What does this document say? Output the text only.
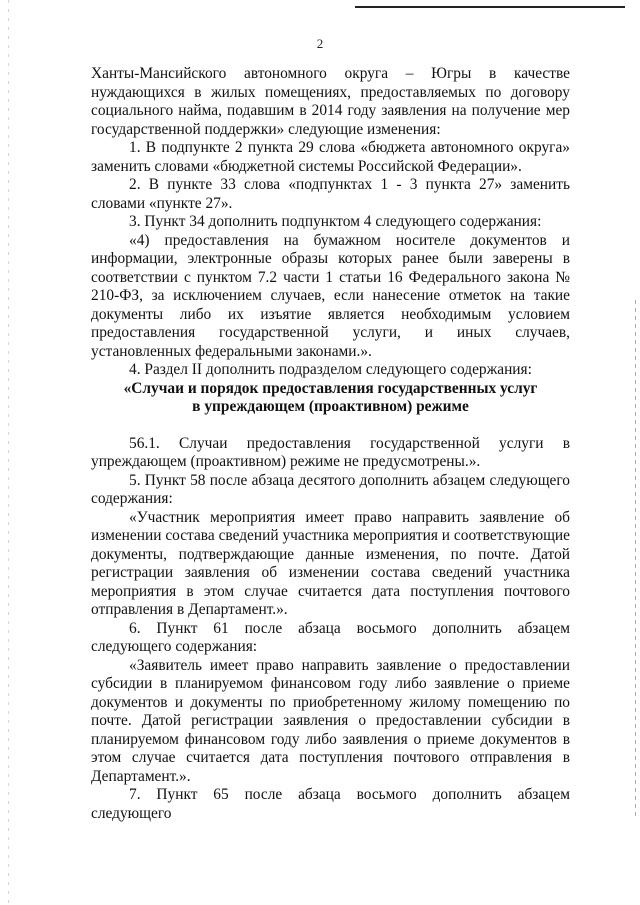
2

Ханты-Мансийского автономного округа – Югры в качестве нуждающихся в жилых помещениях, предоставляемых по договору социального найма, подавшим в 2014 году заявления на получение мер государственной поддержки» следующие изменения:

1. В подпункте 2 пункта 29 слова «бюджета автономного округа» заменить словами «бюджетной системы Российской Федерации».

2. В пункте 33 слова «подпунктах 1 - 3 пункта 27» заменить словами «пункте 27».

3. Пункт 34 дополнить подпунктом 4 следующего содержания:

«4) предоставления на бумажном носителе документов и информации, электронные образы которых ранее были заверены в соответствии с пунктом 7.2 части 1 статьи 16 Федерального закона № 210-ФЗ, за исключением случаев, если нанесение отметок на такие документы либо их изъятие является необходимым условием предоставления государственной услуги, и иных случаев, установленных федеральными законами.».

4. Раздел II дополнить подразделом следующего содержания:

«Случаи и порядок предоставления государственных услуг

в упреждающем (проактивном) режиме

56.1. Случаи предоставления государственной услуги в упреждающем (проактивном) режиме не предусмотрены.».

5. Пункт 58 после абзаца десятого дополнить абзацем следующего содержания:

«Участник мероприятия имеет право направить заявление об изменении состава сведений участника мероприятия и соответствующие документы, подтверждающие данные изменения, по почте. Датой регистрации заявления об изменении состава сведений участника мероприятия в этом случае считается дата поступления почтового отправления в Департамент.».

6. Пункт 61 после абзаца восьмого дополнить абзацем следующего содержания:

«Заявитель имеет право направить заявление о предоставлении субсидии в планируемом финансовом году либо заявление о приеме документов и документы по приобретенному жилому помещению по почте. Датой регистрации заявления о предоставлении субсидии в планируемом финансовом году либо заявления о приеме документов в этом случае считается дата поступления почтового отправления в Департамент.».

7. Пункт 65 после абзаца восьмого дополнить абзацем следующего
